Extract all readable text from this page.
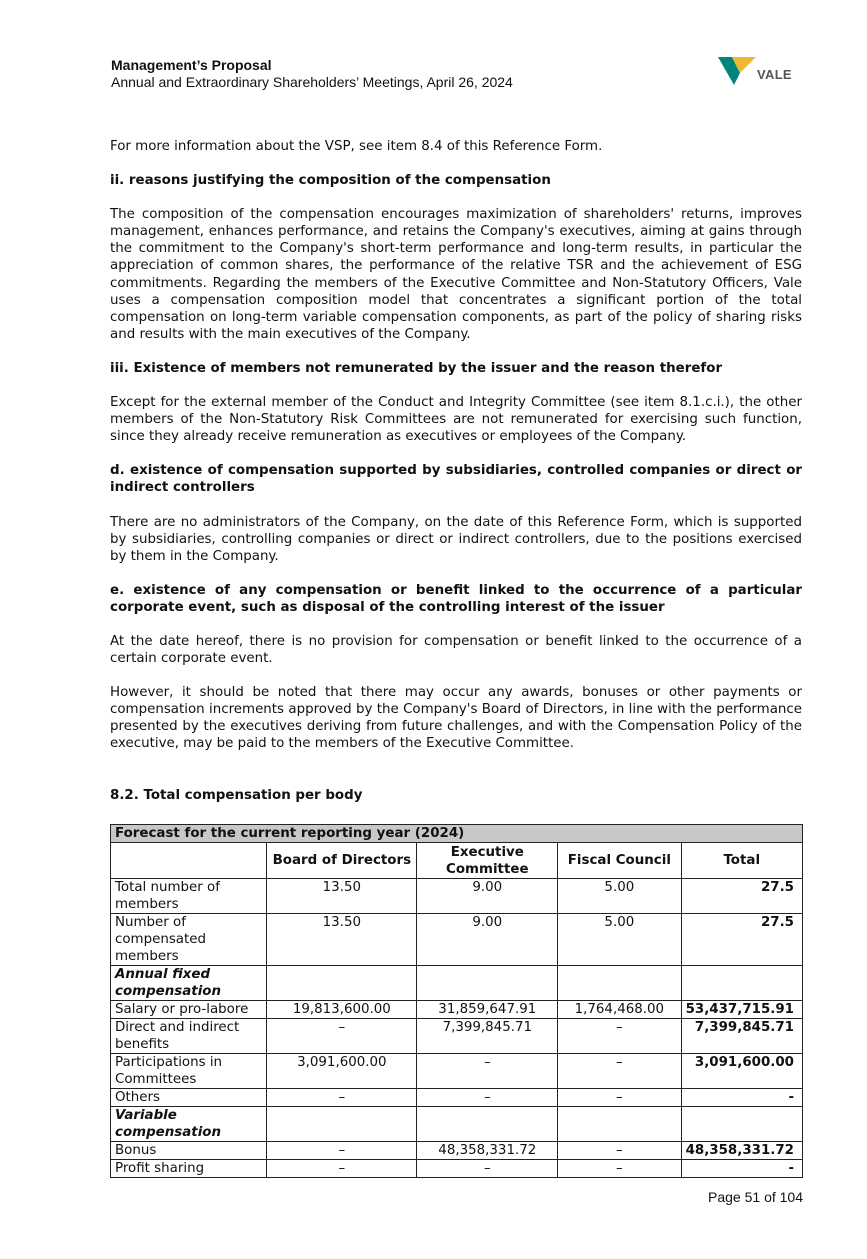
Management’s Proposal
Annual and Extraordinary Shareholders’ Meetings, April 26, 2024	VALE

For more information about the VSP, see item 8.4 of this Reference Form.

ii. reasons justifying the composition of the compensation

The composition of the compensation encourages maximization of shareholders' returns, improves management, enhances performance, and retains the Company's executives, aiming at gains through the commitment to the Company's short-term performance and long-term results, in particular the appreciation of common shares, the performance of the relative TSR and the achievement of ESG commitments. Regarding the members of the Executive Committee and Non-Statutory Officers, Vale uses a compensation composition model that concentrates a significant portion of the total compensation on long-term variable compensation components, as part of the policy of sharing risks and results with the main executives of the Company.

iii. Existence of members not remunerated by the issuer and the reason therefor

Except for the external member of the Conduct and Integrity Committee (see item 8.1.c.i.), the other members of the Non-Statutory Risk Committees are not remunerated for exercising such function, since they already receive remuneration as executives or employees of the Company.

d. existence of compensation supported by subsidiaries, controlled companies or direct or indirect controllers

There are no administrators of the Company, on the date of this Reference Form, which is supported by subsidiaries, controlling companies or direct or indirect controllers, due to the positions exercised by them in the Company.

e. existence of any compensation or benefit linked to the occurrence of a particular corporate event, such as disposal of the controlling interest of the issuer

At the date hereof, there is no provision for compensation or benefit linked to the occurrence of a certain corporate event.

However, it should be noted that there may occur any awards, bonuses or other payments or compensation increments approved by the Company's Board of Directors, in line with the performance presented by the executives deriving from future challenges, and with the Compensation Policy of the executive, may be paid to the members of the Executive Committee.

8.2. Total compensation per body
Forecast for the current reporting year (2024)				
	Board of Directors	Executive Committee	Fiscal Council	Total
Total number of members	13.50	9.00	5.00	27.5
Number of compensated members	13.50	9.00	5.00	27.5
Annual fixed compensation				
Salary or pro-labore	19,813,600.00	31,859,647.91	1,764,468.00	53,437,715.91
Direct and indirect benefits	–	7,399,845.71	–	7,399,845.71
Participations in Committees	3,091,600.00	–	–	3,091,600.00
Others	–	–	–	-
Variable compensation				
Bonus	–	48,358,331.72	–	48,358,331.72
Profit sharing	–	–	–	-
Page 51 of 104
